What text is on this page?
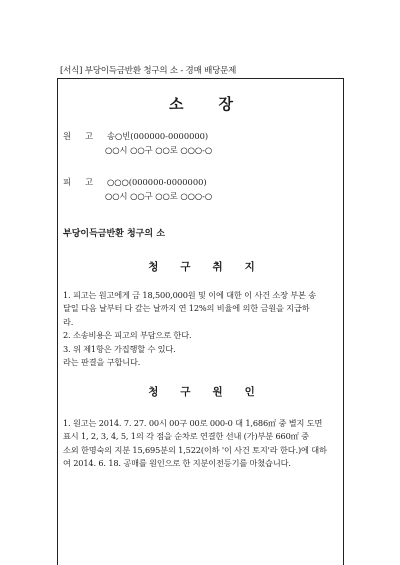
[서식] 부당이득금반환 청구의 소 - 경매 배당문제
소 장
원 고 송○빈(000000-0000000)
○○시 ○○구 ○○로 ○○○-○
피 고 ○○○(000000-0000000)
○○시 ○○구 ○○로 ○○○-○
부당이득금반환 청구의 소
청 구 취 지
1. 피고는 원고에게 금 18,500,000원 및 이에 대한 이 사건 소장 부본 송
달일 다음 날부터 다 갚는 날까지 연 12%의 비율에 의한 금원을 지급하
라.
2. 소송비용은 피고의 부담으로 한다.
3. 위 제1항은 가집행할 수 있다.
라는 판결을 구합니다.
청 구 원 인
1. 원고는 2014. 7. 27. 00시 00구 00로 000-0 대 1,686㎡ 중 별지 도면
표시 1, 2, 3, 4, 5, 1의 각 점을 순차로 연결한 선내 (가)부분 660㎡ 중
소외 한명숙의 지분 15,695분의 1,522(이하 '이 사건 토지'라 한다.)에 대하
여 2014. 6. 18. 공매를 원인으로 한 지분이전등기를 마쳤습니다.
